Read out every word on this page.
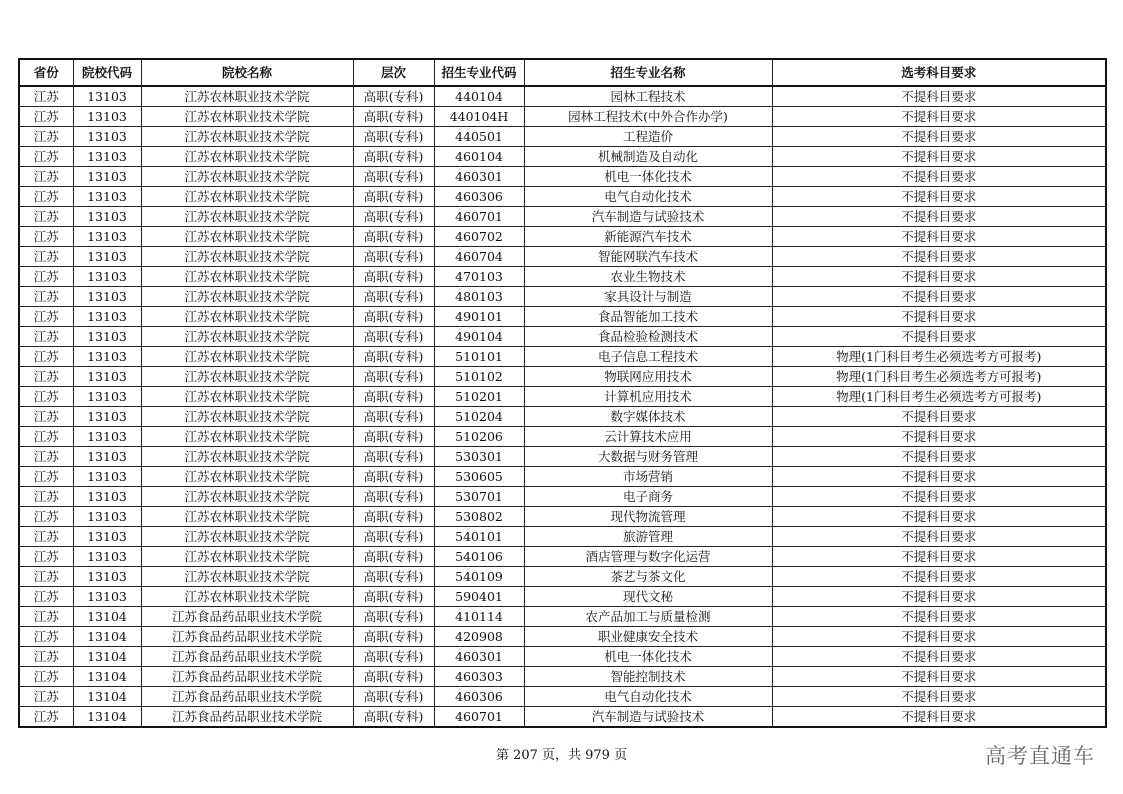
省份	院校代码	院校名称	层次	招生专业代码	招生专业名称	选考科目要求
江苏	13103	江苏农林职业技术学院	高职(专科)	440104	园林工程技术	不提科目要求
江苏	13103	江苏农林职业技术学院	高职(专科)	440104H	园林工程技术(中外合作办学)	不提科目要求
江苏	13103	江苏农林职业技术学院	高职(专科)	440501	工程造价	不提科目要求
江苏	13103	江苏农林职业技术学院	高职(专科)	460104	机械制造及自动化	不提科目要求
江苏	13103	江苏农林职业技术学院	高职(专科)	460301	机电一体化技术	不提科目要求
江苏	13103	江苏农林职业技术学院	高职(专科)	460306	电气自动化技术	不提科目要求
江苏	13103	江苏农林职业技术学院	高职(专科)	460701	汽车制造与试验技术	不提科目要求
江苏	13103	江苏农林职业技术学院	高职(专科)	460702	新能源汽车技术	不提科目要求
江苏	13103	江苏农林职业技术学院	高职(专科)	460704	智能网联汽车技术	不提科目要求
江苏	13103	江苏农林职业技术学院	高职(专科)	470103	农业生物技术	不提科目要求
江苏	13103	江苏农林职业技术学院	高职(专科)	480103	家具设计与制造	不提科目要求
江苏	13103	江苏农林职业技术学院	高职(专科)	490101	食品智能加工技术	不提科目要求
江苏	13103	江苏农林职业技术学院	高职(专科)	490104	食品检验检测技术	不提科目要求
江苏	13103	江苏农林职业技术学院	高职(专科)	510101	电子信息工程技术	物理(1门科目考生必须选考方可报考)
江苏	13103	江苏农林职业技术学院	高职(专科)	510102	物联网应用技术	物理(1门科目考生必须选考方可报考)
江苏	13103	江苏农林职业技术学院	高职(专科)	510201	计算机应用技术	物理(1门科目考生必须选考方可报考)
江苏	13103	江苏农林职业技术学院	高职(专科)	510204	数字媒体技术	不提科目要求
江苏	13103	江苏农林职业技术学院	高职(专科)	510206	云计算技术应用	不提科目要求
江苏	13103	江苏农林职业技术学院	高职(专科)	530301	大数据与财务管理	不提科目要求
江苏	13103	江苏农林职业技术学院	高职(专科)	530605	市场营销	不提科目要求
江苏	13103	江苏农林职业技术学院	高职(专科)	530701	电子商务	不提科目要求
江苏	13103	江苏农林职业技术学院	高职(专科)	530802	现代物流管理	不提科目要求
江苏	13103	江苏农林职业技术学院	高职(专科)	540101	旅游管理	不提科目要求
江苏	13103	江苏农林职业技术学院	高职(专科)	540106	酒店管理与数字化运营	不提科目要求
江苏	13103	江苏农林职业技术学院	高职(专科)	540109	茶艺与茶文化	不提科目要求
江苏	13103	江苏农林职业技术学院	高职(专科)	590401	现代文秘	不提科目要求
江苏	13104	江苏食品药品职业技术学院	高职(专科)	410114	农产品加工与质量检测	不提科目要求
江苏	13104	江苏食品药品职业技术学院	高职(专科)	420908	职业健康安全技术	不提科目要求
江苏	13104	江苏食品药品职业技术学院	高职(专科)	460301	机电一体化技术	不提科目要求
江苏	13104	江苏食品药品职业技术学院	高职(专科)	460303	智能控制技术	不提科目要求
江苏	13104	江苏食品药品职业技术学院	高职(专科)	460306	电气自动化技术	不提科目要求
江苏	13104	江苏食品药品职业技术学院	高职(专科)	460701	汽车制造与试验技术	不提科目要求
第 207 页，共 979 页	高考直通车
